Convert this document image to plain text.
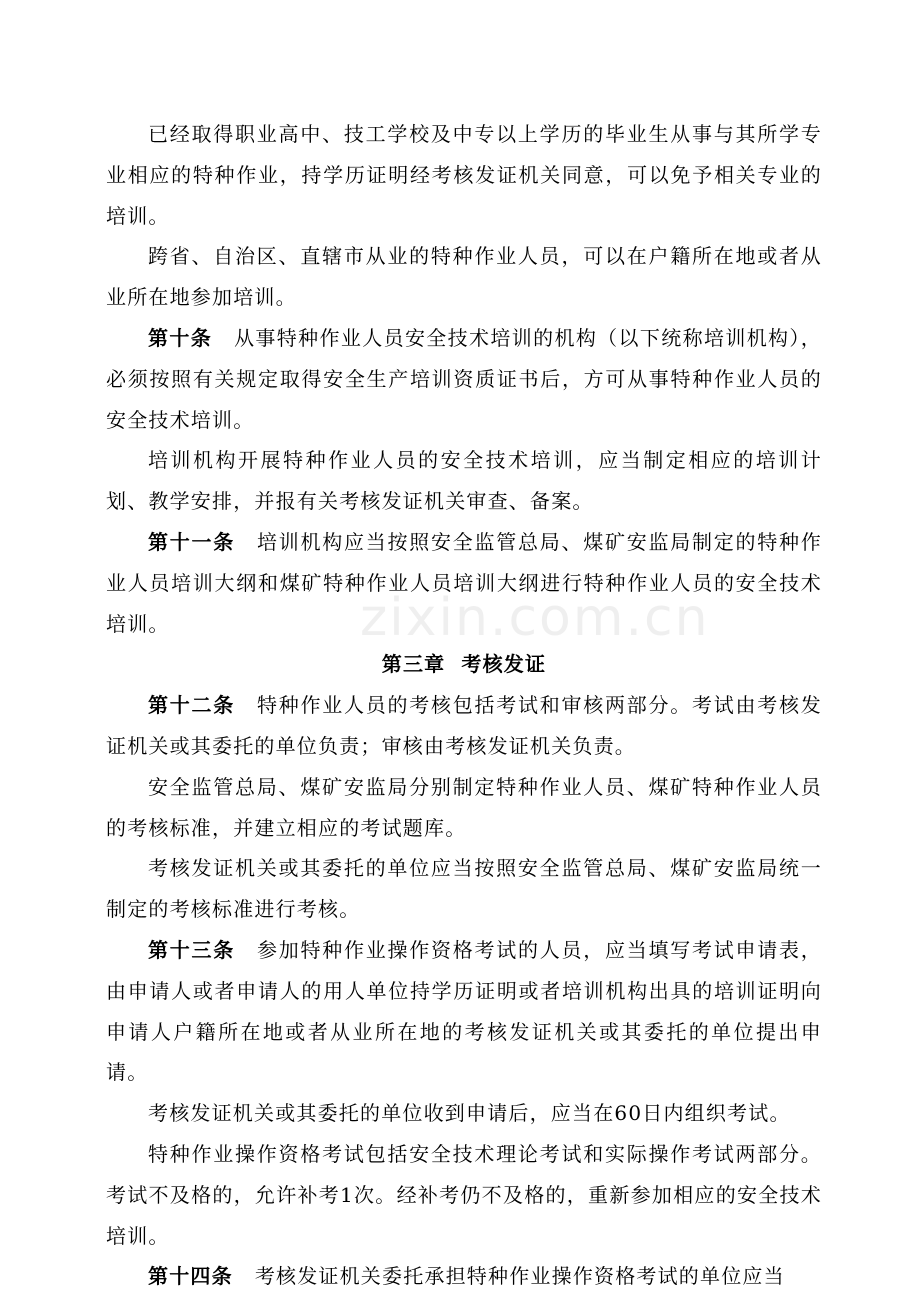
zixin.com.cn

已经取得职业高中、技工学校及中专以上学历的毕业生从事与其所学专业相应的特种作业，持学历证明经考核发证机关同意，可以免予相关专业的培训。

跨省、自治区、直辖市从业的特种作业人员，可以在户籍所在地或者从业所在地参加培训。

第十条 从事特种作业人员安全技术培训的机构（以下统称培训机构），必须按照有关规定取得安全生产培训资质证书后，方可从事特种作业人员的安全技术培训。

培训机构开展特种作业人员的安全技术培训，应当制定相应的培训计划、教学安排，并报有关考核发证机关审查、备案。

第十一条 培训机构应当按照安全监管总局、煤矿安监局制定的特种作业人员培训大纲和煤矿特种作业人员培训大纲进行特种作业人员的安全技术培训。

第三章 考核发证

第十二条 特种作业人员的考核包括考试和审核两部分。考试由考核发证机关或其委托的单位负责；审核由考核发证机关负责。

安全监管总局、煤矿安监局分别制定特种作业人员、煤矿特种作业人员的考核标准，并建立相应的考试题库。

考核发证机关或其委托的单位应当按照安全监管总局、煤矿安监局统一制定的考核标准进行考核。

第十三条 参加特种作业操作资格考试的人员，应当填写考试申请表，由申请人或者申请人的用人单位持学历证明或者培训机构出具的培训证明向申请人户籍所在地或者从业所在地的考核发证机关或其委托的单位提出申请。

考核发证机关或其委托的单位收到申请后，应当在60日内组织考试。

特种作业操作资格考试包括安全技术理论考试和实际操作考试两部分。考试不及格的，允许补考1次。经补考仍不及格的，重新参加相应的安全技术培训。

第十四条 考核发证机关委托承担特种作业操作资格考试的单位应当
